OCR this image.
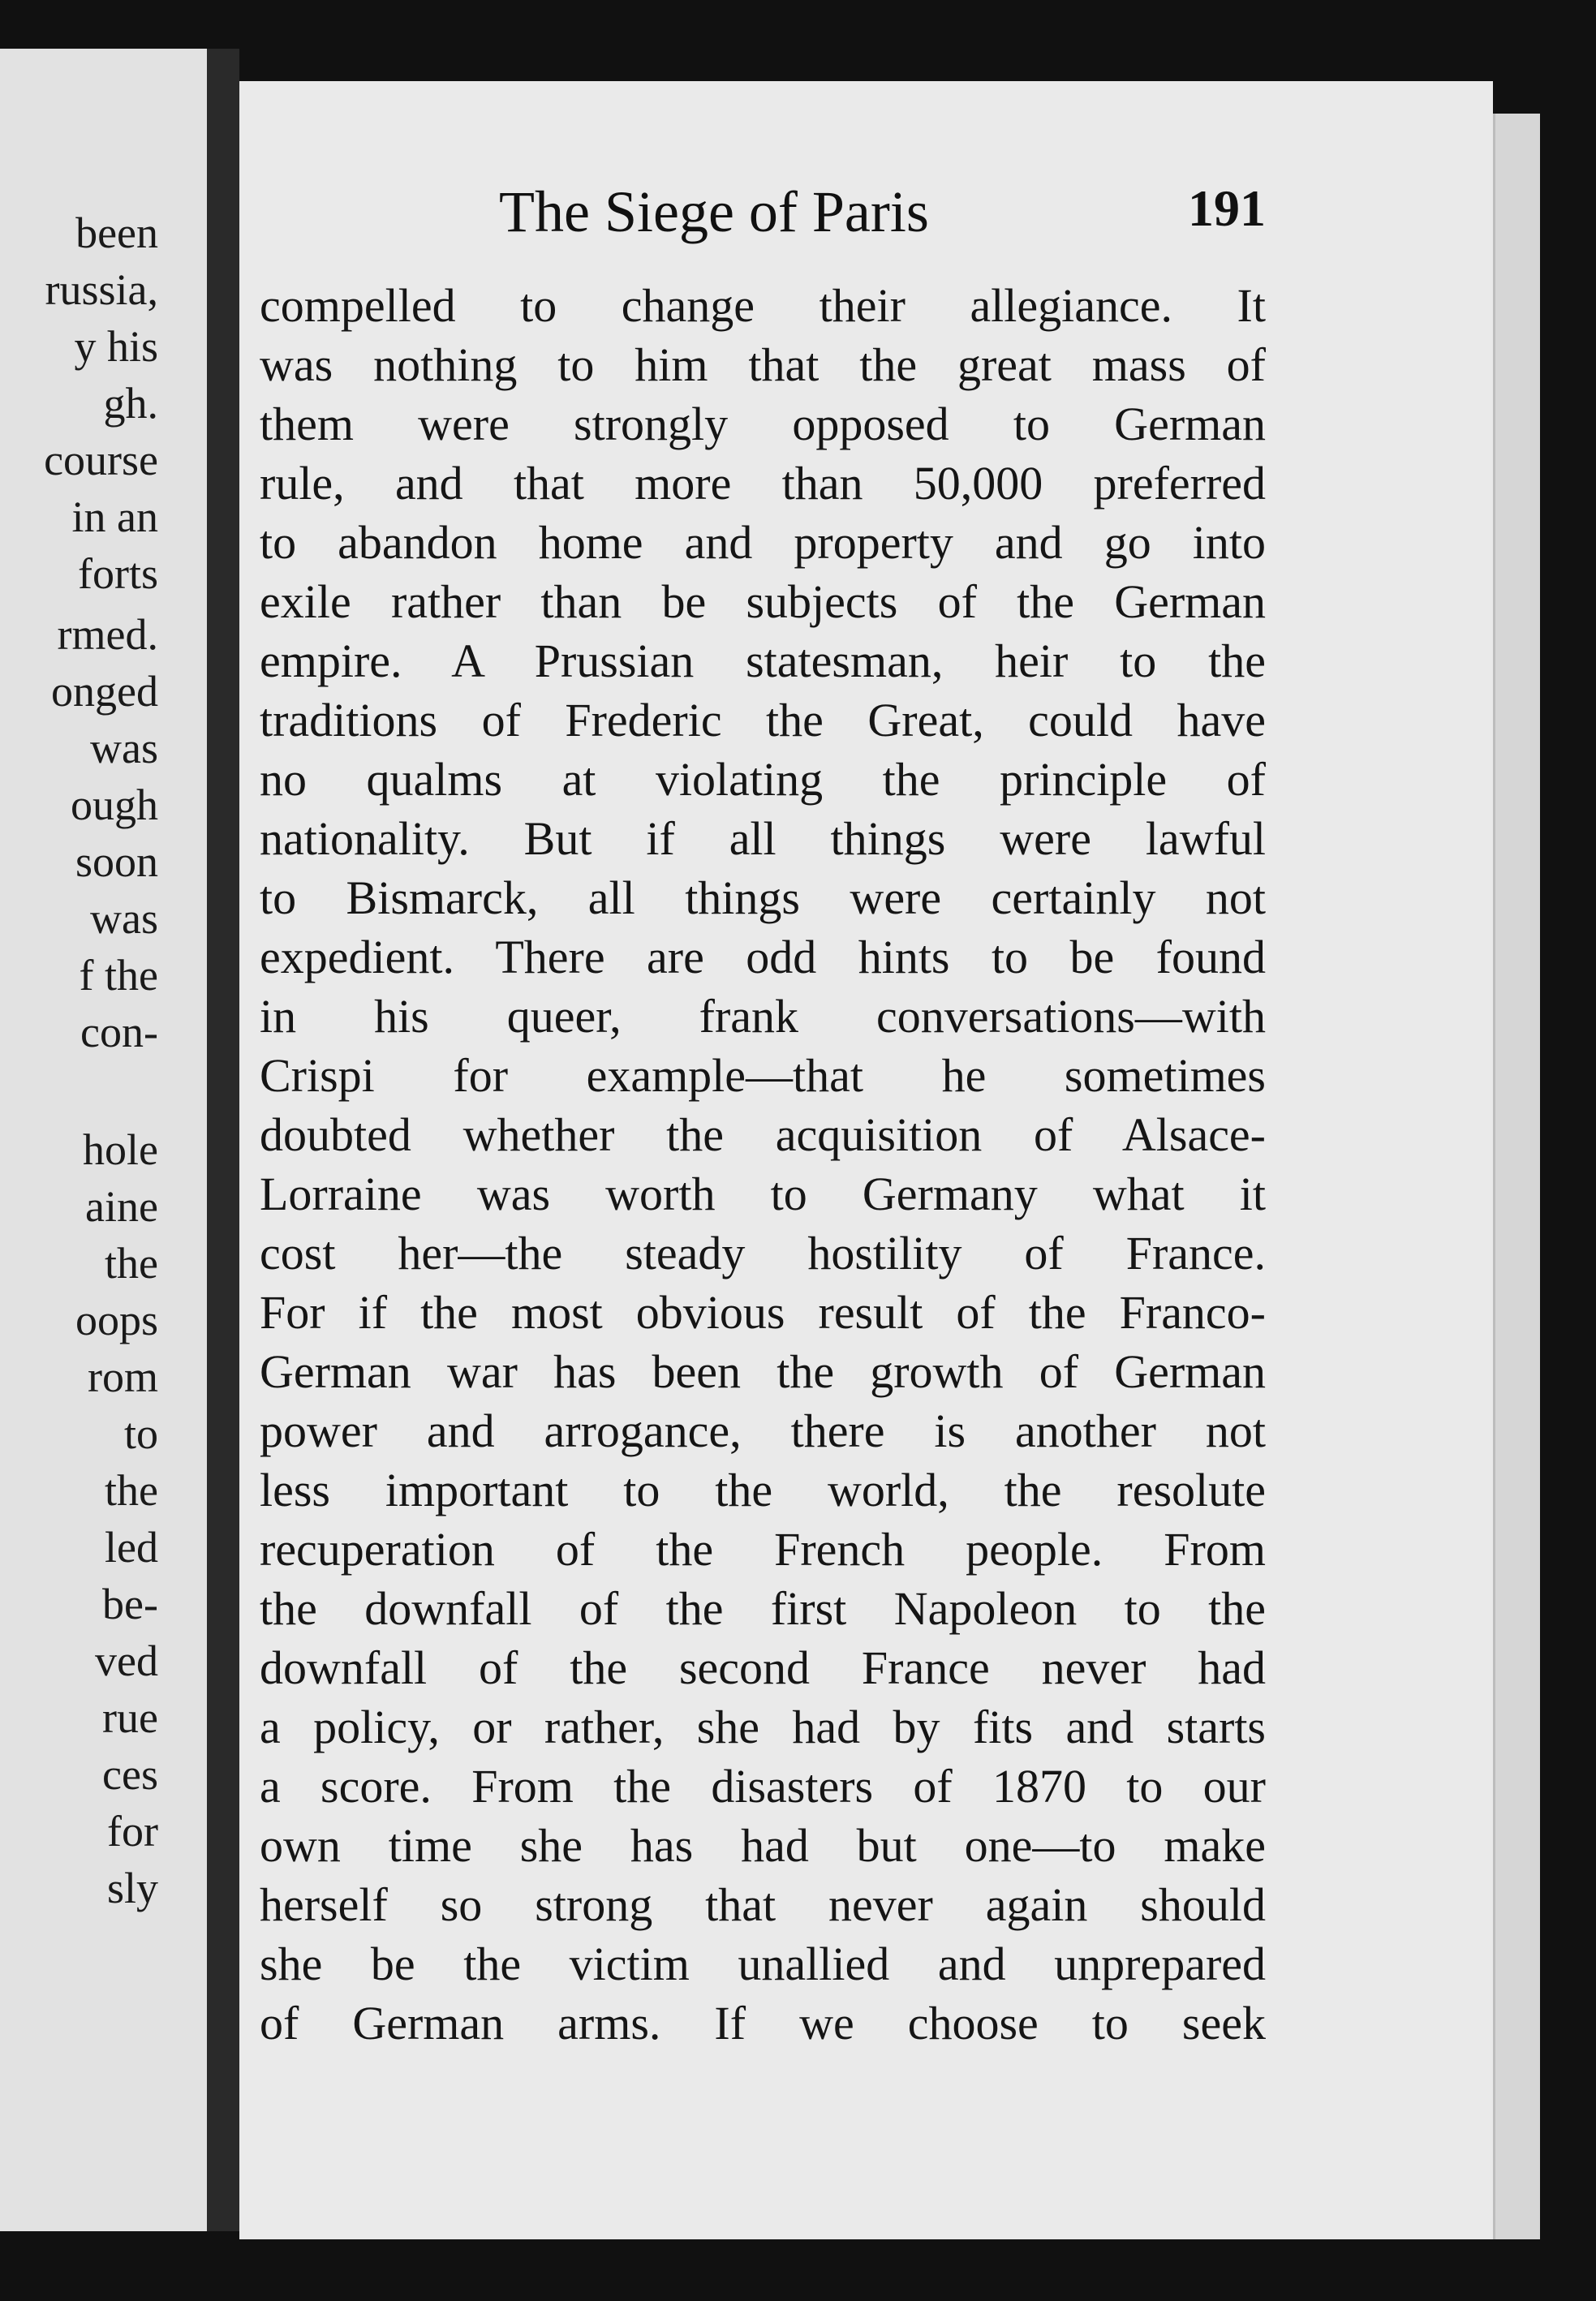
been
russia,
y his
gh.
course
in an
forts
rmed.
onged
was
ough
soon
was
f the
con-
hole
aine
the
oops
rom
to
the
led
be-
ved
rue
ces
for
sly
The Siege of Paris	191
compelled to change their allegiance. It
was nothing to him that the great mass of
them were strongly opposed to German
rule, and that more than 50,000 preferred
to abandon home and property and go into
exile rather than be subjects of the German
empire. A Prussian statesman, heir to the
traditions of Frederic the Great, could have
no qualms at violating the principle of
nationality. But if all things were lawful
to Bismarck, all things were certainly not
expedient. There are odd hints to be found
in his queer, frank conversations—with
Crispi for example—that he sometimes
doubted whether the acquisition of Alsace-
Lorraine was worth to Germany what it
cost her—the steady hostility of France.
For if the most obvious result of the Franco-
German war has been the growth of German
power and arrogance, there is another not
less important to the world, the resolute
recuperation of the French people. From
the downfall of the first Napoleon to the
downfall of the second France never had
a policy, or rather, she had by fits and starts
a score. From the disasters of 1870 to our
own time she has had but one—to make
herself so strong that never again should
she be the victim unallied and unprepared
of German arms. If we choose to seek
